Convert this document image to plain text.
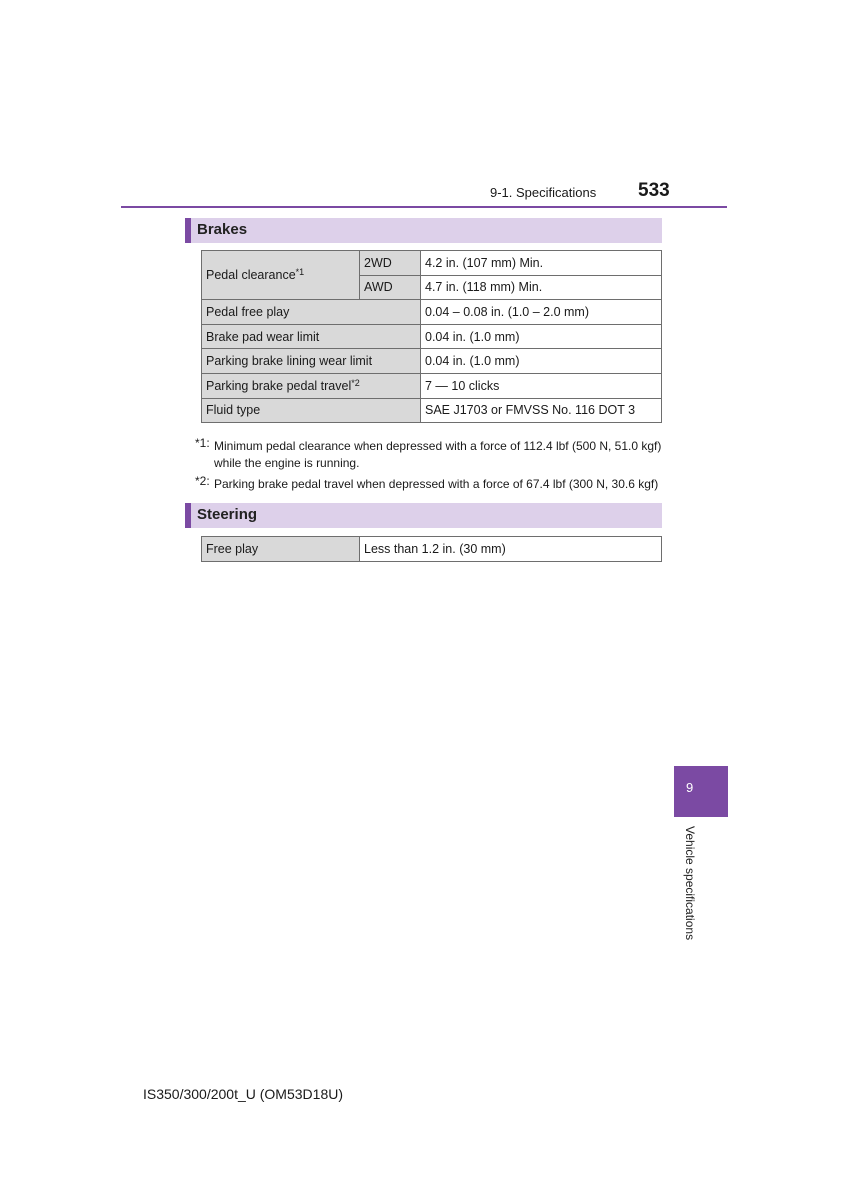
9-1. Specifications 533
Brakes
Pedal clearance$^{*1}$	2WD	4.2 in. (107 mm) Min.
	AWD	4.7 in. (118 mm) Min.
Pedal free play		0.04 – 0.08 in. (1.0 – 2.0 mm)
Brake pad wear limit		0.04 in. (1.0 mm)
Parking brake lining wear limit		0.04 in. (1.0 mm)
Parking brake pedal travel$^{*2}$		7 — 10 clicks
Fluid type		SAE J1703 or FMVSS No. 116 DOT 3
*1: Minimum pedal clearance when depressed with a force of 112.4 lbf (500 N, 51.0 kgf) while the engine is running.
*2: Parking brake pedal travel when depressed with a force of 67.4 lbf (300 N, 30.6 kgf)
Steering
Free play	Less than 1.2 in. (30 mm)
9
Vehicle specifications
IS350/300/200t_U (OM53D18U)
